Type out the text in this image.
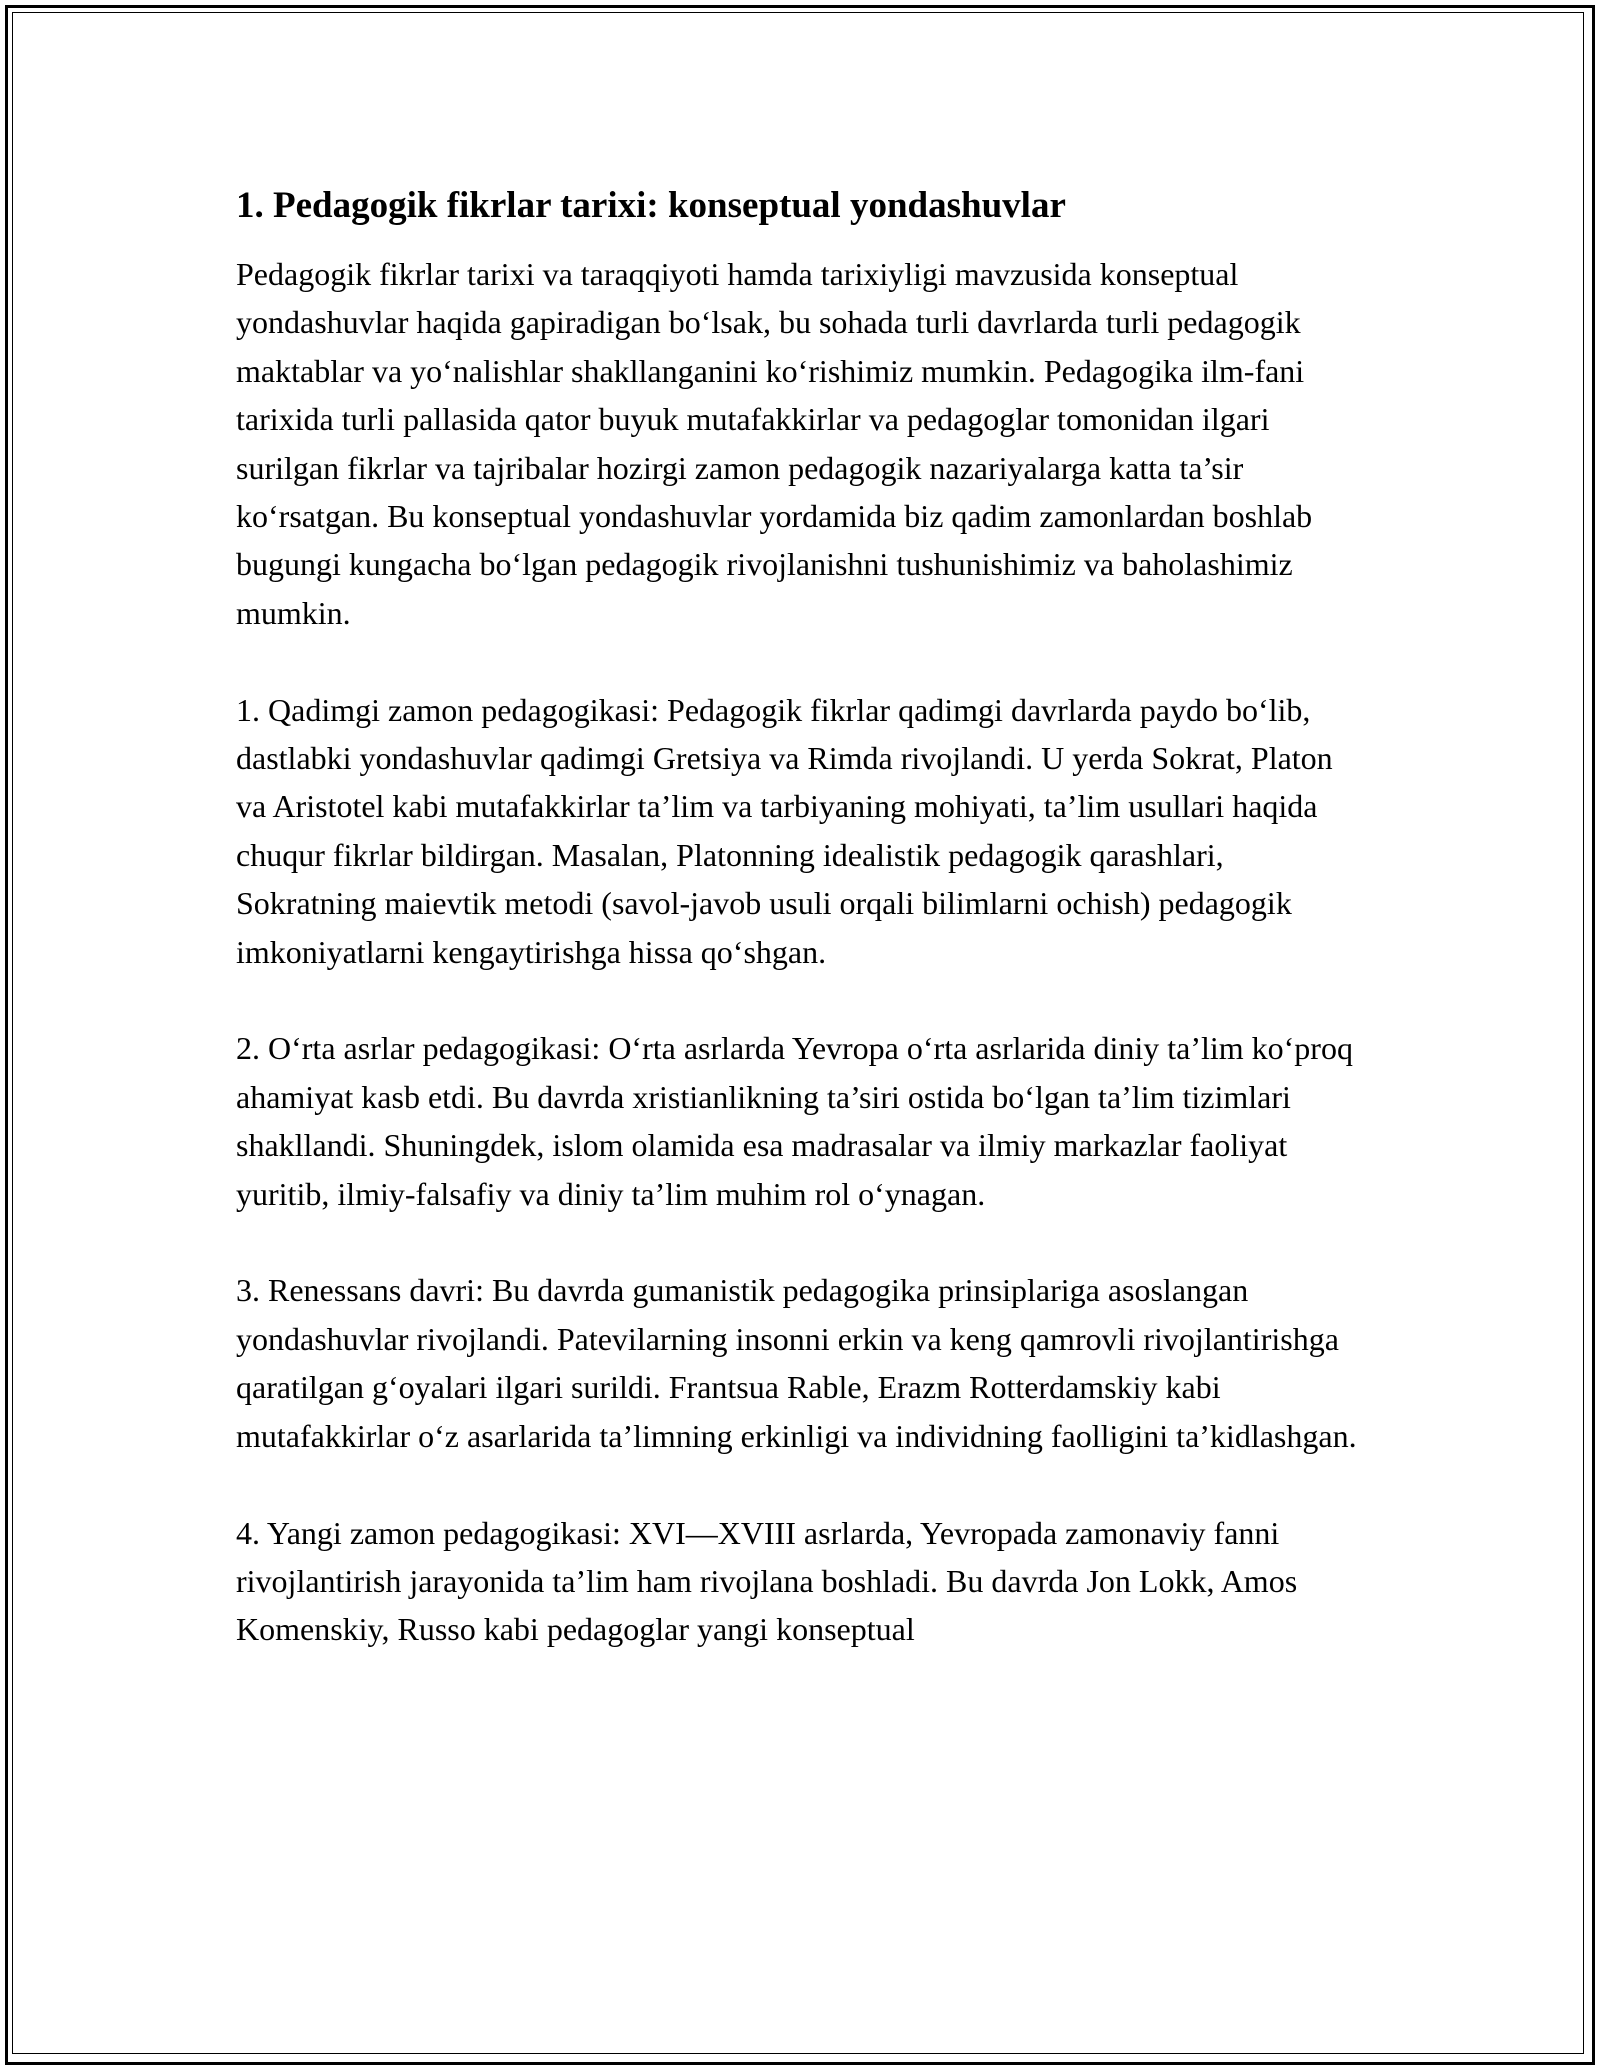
1. Pedagogik fikrlar tarixi: konseptual yondashuvlar

Pedagogik fikrlar tarixi va taraqqiyoti hamda tarixiyligi mavzusida konseptual yondashuvlar haqida gapiradigan bo‘lsak, bu sohada turli davrlarda turli pedagogik maktablar va yo‘nalishlar shakllanganini ko‘rishimiz mumkin. Pedagogika ilm-fani tarixida turli pallasida qator buyuk mutafakkirlar va pedagoglar tomonidan ilgari surilgan fikrlar va tajribalar hozirgi zamon pedagogik nazariyalarga katta ta’sir ko‘rsatgan. Bu konseptual yondashuvlar yordamida biz qadim zamonlardan boshlab bugungi kungacha bo‘lgan pedagogik rivojlanishni tushunishimiz va baholashimiz mumkin.

1. Qadimgi zamon pedagogikasi: Pedagogik fikrlar qadimgi davrlarda paydo bo‘lib, dastlabki yondashuvlar qadimgi Gretsiya va Rimda rivojlandi. U yerda Sokrat, Platon va Aristotel kabi mutafakkirlar ta’lim va tarbiyaning mohiyati, ta’lim usullari haqida chuqur fikrlar bildirgan. Masalan, Platonning idealistik pedagogik qarashlari, Sokratning maievtik metodi (savol-javob usuli orqali bilimlarni ochish) pedagogik imkoniyatlarni kengaytirishga hissa qo‘shgan.

2. O‘rta asrlar pedagogikasi: O‘rta asrlarda Yevropa o‘rta asrlarida diniy ta’lim ko‘proq ahamiyat kasb etdi. Bu davrda xristianlikning ta’siri ostida bo‘lgan ta’lim tizimlari shakllandi. Shuningdek, islom olamida esa madrasalar va ilmiy markazlar faoliyat yuritib, ilmiy-falsafiy va diniy ta’lim muhim rol o‘ynagan.

3. Renessans davri: Bu davrda gumanistik pedagogika prinsiplariga asoslangan yondashuvlar rivojlandi. Patevilarning insonni erkin va keng qamrovli rivojlantirishga qaratilgan g‘oyalari ilgari surildi. Frantsua Rable, Erazm Rotterdamskiy kabi mutafakkirlar o‘z asarlarida ta’limning erkinligi va individning faolligini ta’kidlashgan.

4. Yangi zamon pedagogikasi: XVI—XVIII asrlarda, Yevropada zamonaviy fanni rivojlantirish jarayonida ta’lim ham rivojlana boshladi. Bu davrda Jon Lokk, Amos Komenskiy, Russo kabi pedagoglar yangi konseptual
